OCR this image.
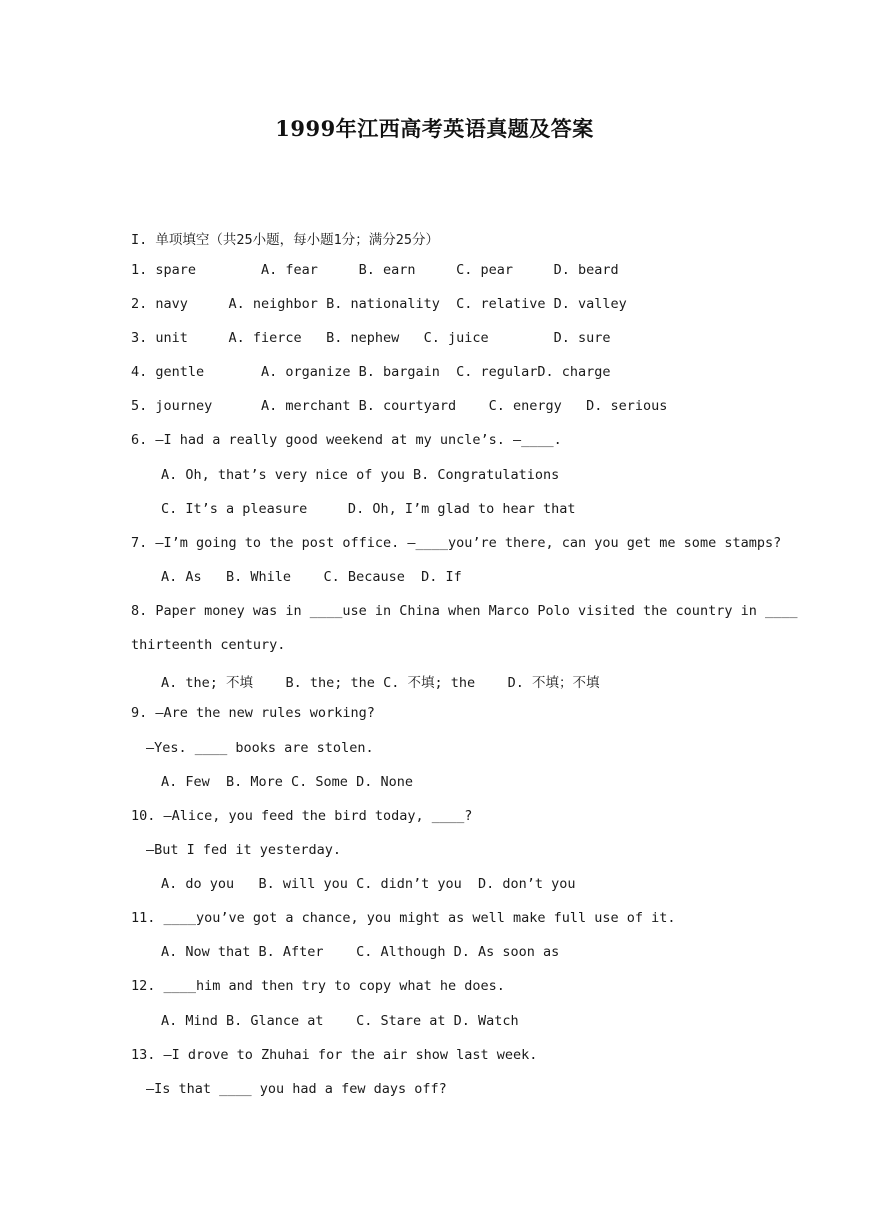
1999年江西高考英语真题及答案
I. 单项填空（共25小题，每小题1分；满分25分）
1. spare        A. fear     B. earn     C. pear     D. beard
2. navy     A. neighbor B. nationality  C. relative D. valley
3. unit     A. fierce   B. nephew   C. juice        D. sure
4. gentle       A. organize B. bargain  C. regularD. charge
5. journey      A. merchant B. courtyard    C. energy   D. serious
6. —I had a really good weekend at my uncle’s. —____.
A. Oh, that’s very nice of you B. Congratulations
C. It’s a pleasure     D. Oh, I’m glad to hear that
7. —I’m going to the post office. —____you’re there, can you get me some stamps?
A. As   B. While    C. Because  D. If
8. Paper money was in ____use in China when Marco Polo visited the country in ____
thirteenth century.
A. the; 不填    B. the; the C. 不填; the    D. 不填；不填
9. —Are the new rules working?
—Yes. ____ books are stolen.
A. Few  B. More C. Some D. None
10. —Alice, you feed the bird today, ____?
—But I fed it yesterday.
A. do you   B. will you C. didn’t you  D. don’t you
11. ____you’ve got a chance, you might as well make full use of it.
A. Now that B. After    C. Although D. As soon as
12. ____him and then try to copy what he does.
A. Mind B. Glance at    C. Stare at D. Watch
13. —I drove to Zhuhai for the air show last week.
—Is that ____ you had a few days off?
